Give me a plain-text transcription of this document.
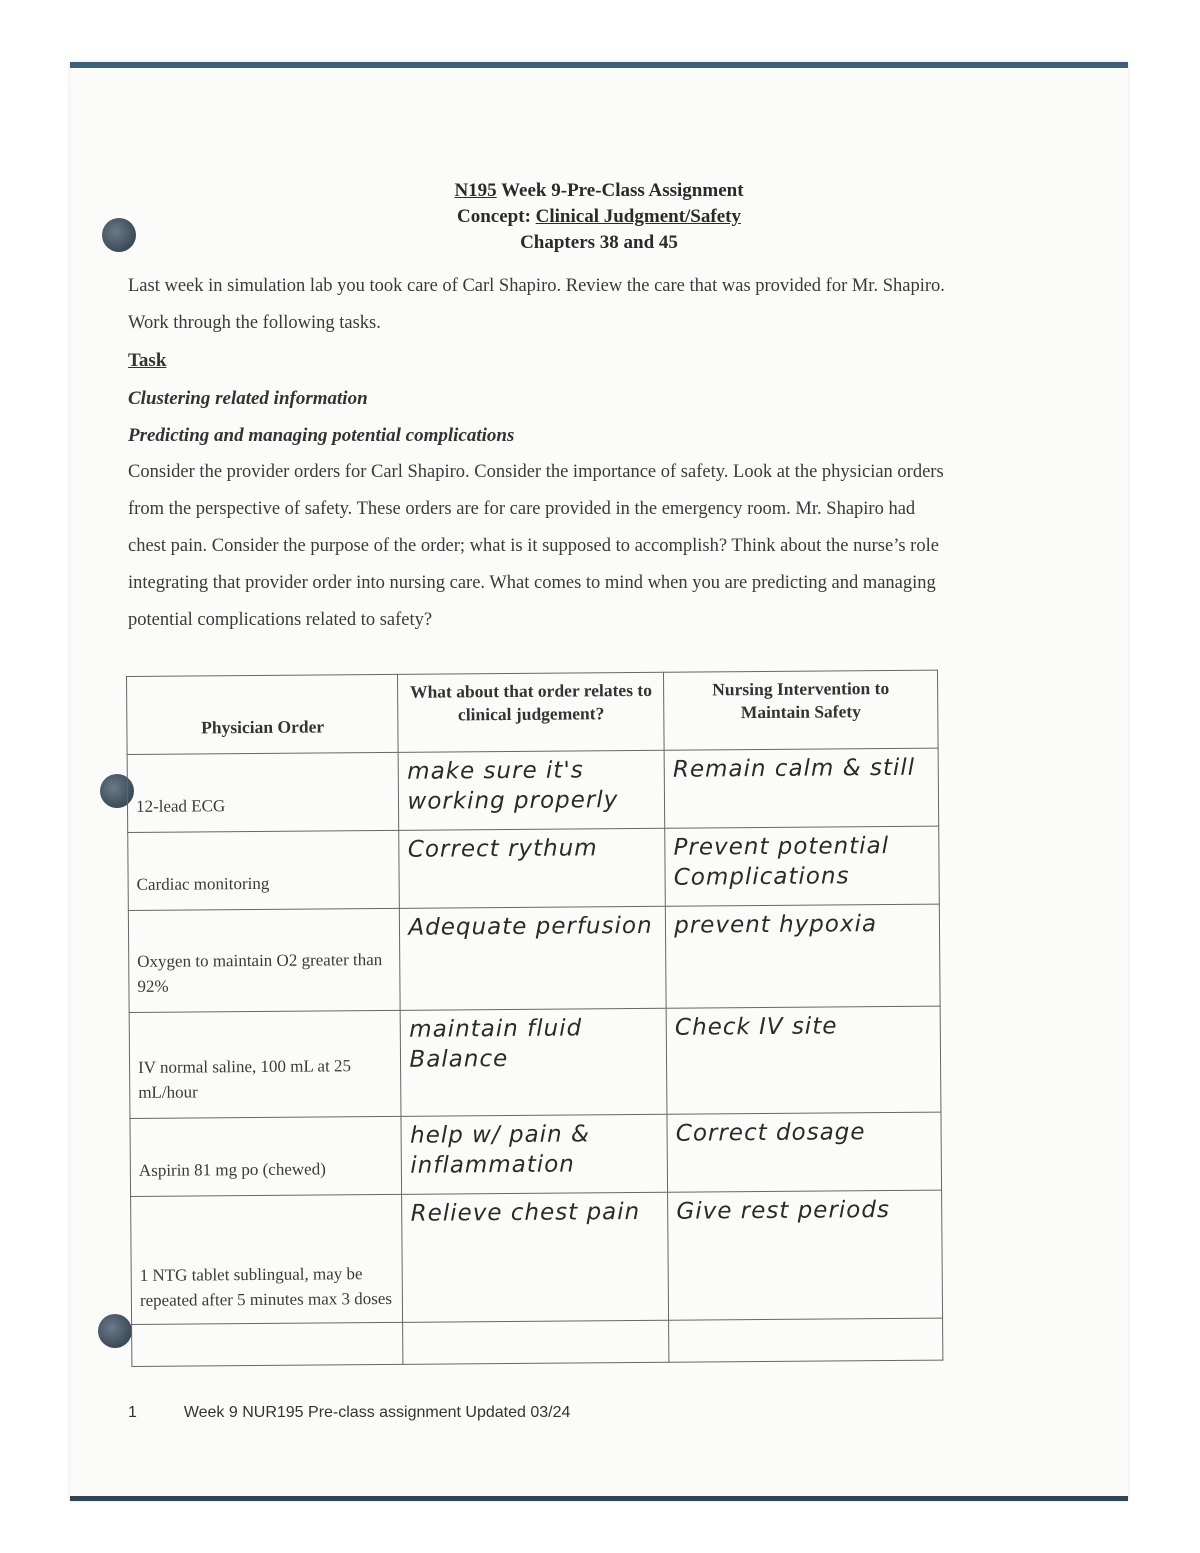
N195 Week 9-Pre-Class Assignment
Concept: Clinical Judgment/Safety
Chapters 38 and 45
Last week in simulation lab you took care of Carl Shapiro. Review the care that was provided for Mr. Shapiro.
Work through the following tasks.
Task
Clustering related information
Predicting and managing potential complications
Consider the provider orders for Carl Shapiro. Consider the importance of safety. Look at the physician orders
from the perspective of safety. These orders are for care provided in the emergency room. Mr. Shapiro had
chest pain. Consider the purpose of the order; what is it supposed to accomplish? Think about the nurse’s role
integrating that provider order into nursing care. What comes to mind when you are predicting and managing
potential complications related to safety?
Physician Order	What about that order relates to clinical judgement?	Nursing Intervention to Maintain Safety

12-lead ECG	make sure it's working properly	Remain calm & still

Cardiac monitoring	Correct rythum	Prevent potential Complications

Oxygen to maintain O2 greater than 92%	Adequate perfusion	prevent hypoxia

IV normal saline, 100 mL at 25 mL/hour	maintain fluid Balance	Check IV site

Aspirin 81 mg po (chewed)	help w/ pain & inflammation	Correct dosage

1 NTG tablet sublingual, may be repeated after 5 minutes max 3 doses	Relieve chest pain	Give rest periods

1	Week 9 NUR195 Pre-class assignment Updated 03/24
